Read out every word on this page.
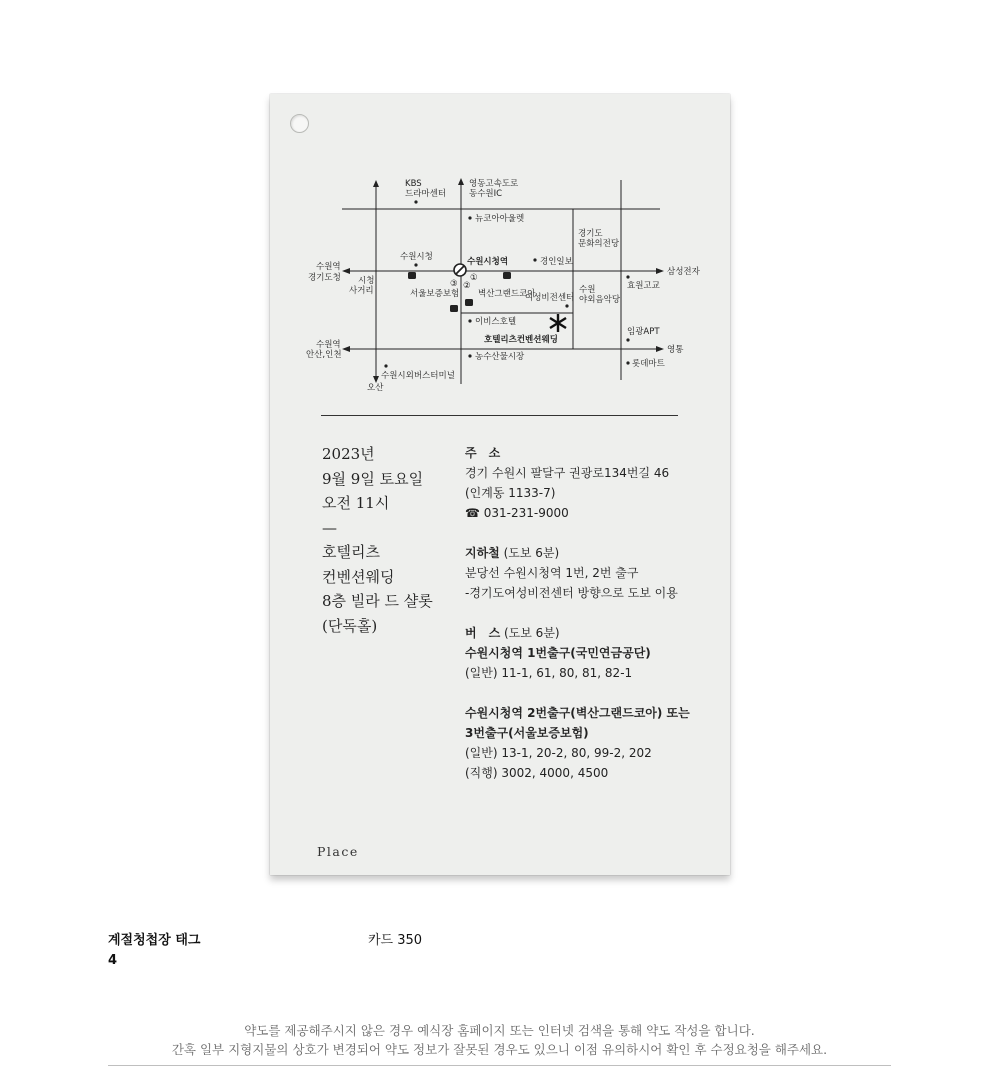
KBS
드라마센터
영동고속도로
동수원IC
뉴코아아울렛
경기도
문화의전당
수원시청	수원시청역	경인일보
삼성전자
효원고교
수원역
경기도청 시청
사거리	서울보증보험 벽산그랜드코아
여성비전센터
수원
야외음악당
이비스호텔
호텔리츠컨벤션웨딩
임광APT
영통
수원역
안산,인천	농수산물시장
롯데마트
수원시외버스터미널
오산
①
②
③
2023년
9월 9일 토요일
오전 11시
—
호텔리츠
컨벤션웨딩
8층 빌라 드 샬롯
(단독홀)
주　소
경기 수원시 팔달구 권광로134번길 46
(인계동 1133-7)
☎ 031-231-9000
지하철 (도보 6분)
분당선 수원시청역 1번, 2번 출구
-경기도여성비전센터 방향으로 도보 이용
버　스 (도보 6분)
수원시청역 1번출구(국민연금공단)
(일반) 11-1, 61, 80, 81, 82-1
수원시청역 2번출구(벽산그랜드코아) 또는
3번출구(서울보증보험)
(일반) 13-1, 20-2, 80, 99-2, 202
(직행) 3002, 4000, 4500
Place
계절청첩장 태그
4
카드 350
약도를 제공해주시지 않은 경우 예식장 홈페이지 또는 인터넷 검색을 통해 약도 작성을 합니다.
간혹 일부 지형지물의 상호가 변경되어 약도 정보가 잘못된 경우도 있으니 이점 유의하시어 확인 후 수정요청을 해주세요.
